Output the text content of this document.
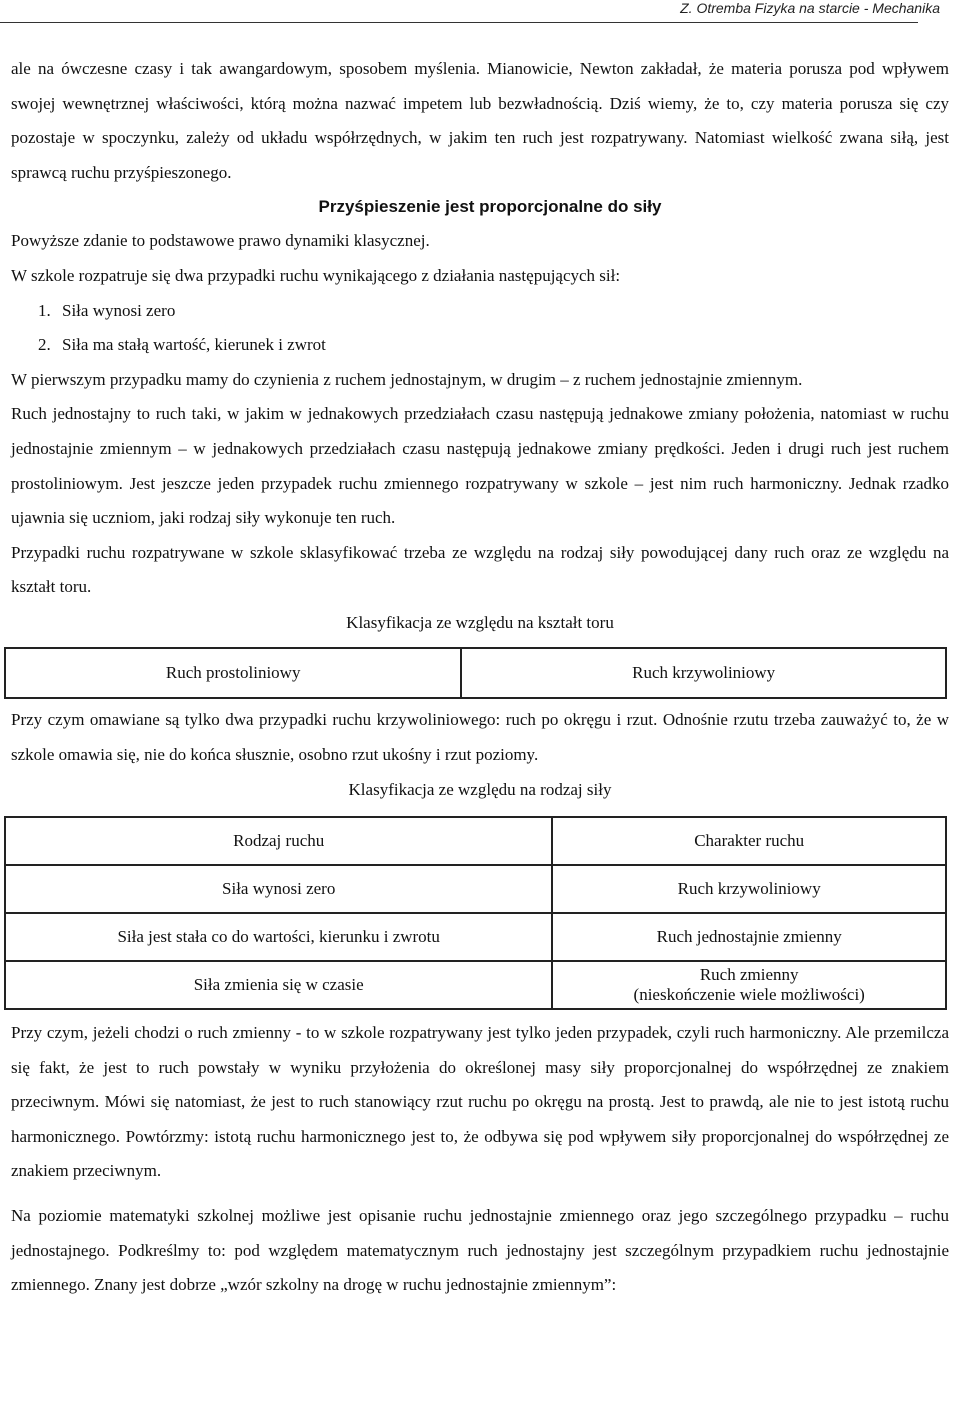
Z. Otremba Fizyka na starcie - Mechanika

ale na ówczesne czasy i tak awangardowym, sposobem myślenia. Mianowicie, Newton zakładał, że materia porusza pod wpływem swojej wewnętrznej właściwości, którą można nazwać impetem lub bezwładnością. Dziś wiemy, że to, czy materia porusza się czy pozostaje w spoczynku, zależy od układu współrzędnych, w jakim ten ruch jest rozpatrywany. Natomiast wielkość zwana siłą, jest sprawcą ruchu przyśpieszonego.

Przyśpieszenie jest proporcjonalne do siły

Powyższe zdanie to podstawowe prawo dynamiki klasycznej.

W szkole rozpatruje się dwa przypadki ruchu wynikającego z działania następujących sił:

1. Siła wynosi zero
2. Siła ma stałą wartość, kierunek i zwrot

W pierwszym przypadku mamy do czynienia z ruchem jednostajnym, w drugim – z ruchem jednostajnie zmiennym.

Ruch jednostajny to ruch taki, w jakim w jednakowych przedziałach czasu następują jednakowe zmiany położenia, natomiast w ruchu jednostajnie zmiennym – w jednakowych przedziałach czasu następują jednakowe zmiany prędkości. Jeden i drugi ruch jest ruchem prostoliniowym. Jest jeszcze jeden przypadek ruchu zmiennego rozpatrywany w szkole – jest nim ruch harmoniczny. Jednak rzadko ujawnia się uczniom, jaki rodzaj siły wykonuje ten ruch.

Przypadki ruchu rozpatrywane w szkole sklasyfikować trzeba ze względu na rodzaj siły powodującej dany ruch oraz ze względu na kształt toru.

Klasyfikacja ze względu na kształt toru
Ruch prostoliniowy	Ruch krzywoliniowy

Przy czym omawiane są tylko dwa przypadki ruchu krzywoliniowego: ruch po okręgu i rzut. Odnośnie rzutu trzeba zauważyć to, że w szkole omawia się, nie do końca słusznie, osobno rzut ukośny i rzut poziomy.

Klasyfikacja ze względu na rodzaj siły
Rodzaj ruchu	Charakter ruchu
Siła wynosi zero	Ruch krzywoliniowy
Siła jest stała co do wartości, kierunku i zwrotu	Ruch jednostajnie zmienny
Siła zmienia się w czasie	Ruch zmienny
(nieskończenie wiele możliwości)

Przy czym, jeżeli chodzi o ruch zmienny - to w szkole rozpatrywany jest tylko jeden przypadek, czyli ruch harmoniczny. Ale przemilcza się fakt, że jest to ruch powstały w wyniku przyłożenia do określonej masy siły proporcjonalnej do współrzędnej ze znakiem przeciwnym. Mówi się natomiast, że jest to ruch stanowiący rzut ruchu po okręgu na prostą. Jest to prawdą, ale nie to jest istotą ruchu harmonicznego. Powtórzmy: istotą ruchu harmonicznego jest to, że odbywa się pod wpływem siły proporcjonalnej do współrzędnej ze znakiem przeciwnym.

Na poziomie matematyki szkolnej możliwe jest opisanie ruchu jednostajnie zmiennego oraz jego szczególnego przypadku – ruchu jednostajnego. Podkreślmy to: pod względem matematycznym ruch jednostajny jest szczególnym przypadkiem ruchu jednostajnie zmiennego. Znany jest dobrze „wzór szkolny na drogę w ruchu jednostajnie zmiennym”:
